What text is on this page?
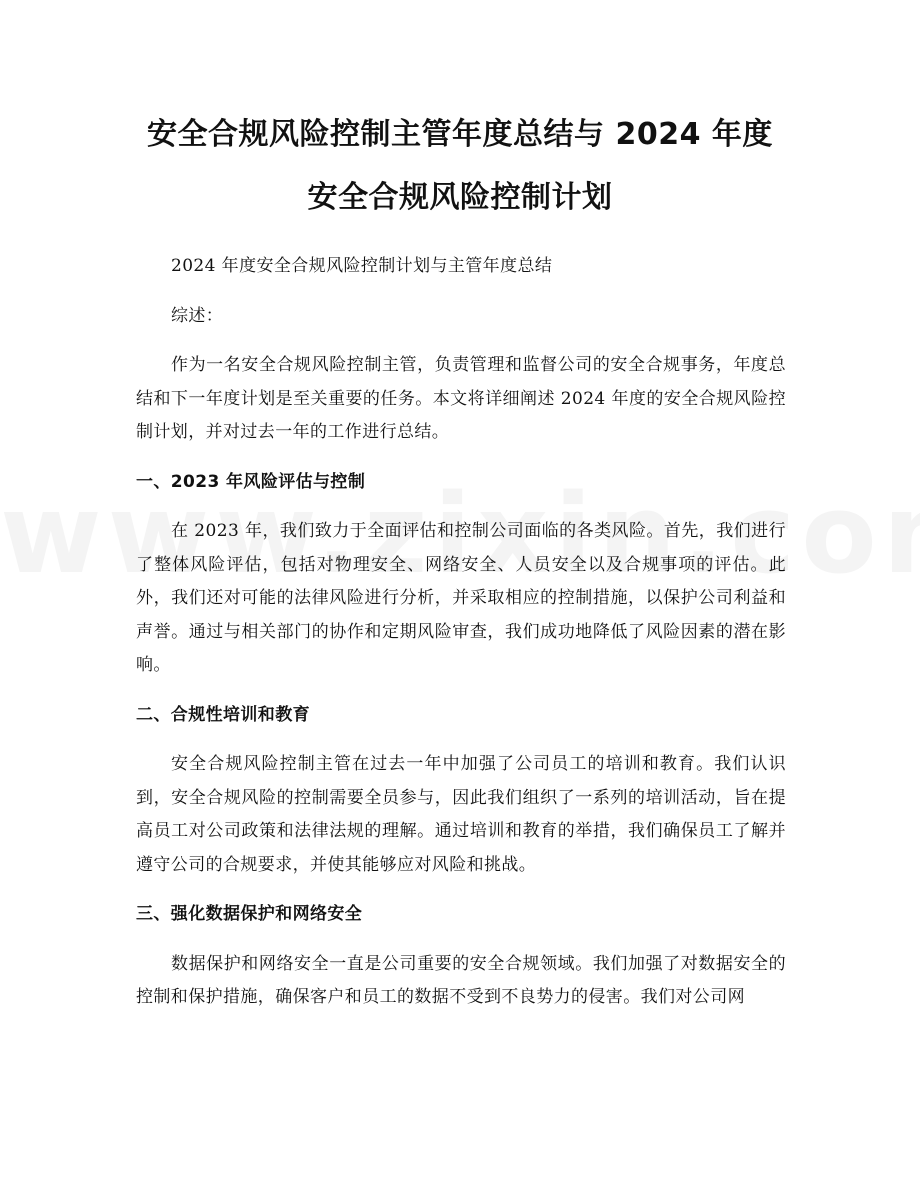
安全合规风险控制主管年度总结与 2024 年度
安全合规风险控制计划

2024 年度安全合规风险控制计划与主管年度总结

综述：

作为一名安全合规风险控制主管，负责管理和监督公司的安全合规事务，年度总结和下一年度计划是至关重要的任务。本文将详细阐述 2024 年度的安全合规风险控制计划，并对过去一年的工作进行总结。

一、2023 年风险评估与控制

在 2023 年，我们致力于全面评估和控制公司面临的各类风险。首先，我们进行了整体风险评估，包括对物理安全、网络安全、人员安全以及合规事项的评估。此外，我们还对可能的法律风险进行分析，并采取相应的控制措施，以保护公司利益和声誉。通过与相关部门的协作和定期风险审查，我们成功地降低了风险因素的潜在影响。

二、合规性培训和教育

安全合规风险控制主管在过去一年中加强了公司员工的培训和教育。我们认识到，安全合规风险的控制需要全员参与，因此我们组织了一系列的培训活动，旨在提高员工对公司政策和法律法规的理解。通过培训和教育的举措，我们确保员工了解并遵守公司的合规要求，并使其能够应对风险和挑战。

三、强化数据保护和网络安全

数据保护和网络安全一直是公司重要的安全合规领域。我们加强了对数据安全的控制和保护措施，确保客户和员工的数据不受到不良势力的侵害。我们对公司网
